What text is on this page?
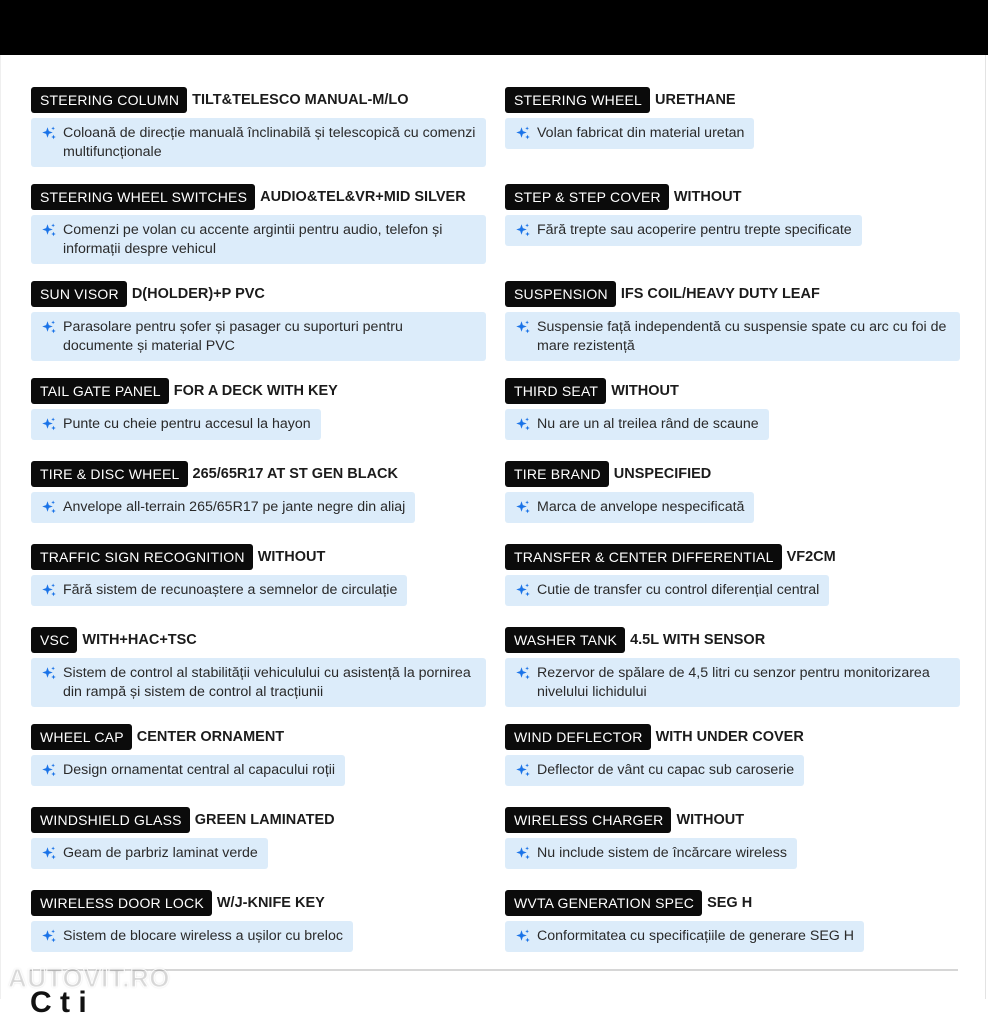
STEERING COLUMN TILT&TELESCO MANUAL-M/LO
Coloană de direcție manuală înclinabilă și telescopică cu comenzi multifuncționale
STEERING WHEEL URETHANE
Volan fabricat din material uretan
STEERING WHEEL SWITCHES AUDIO&TEL&VR+MID SILVER
Comenzi pe volan cu accente argintii pentru audio, telefon și informații despre vehicul
STEP & STEP COVER WITHOUT
Fără trepte sau acoperire pentru trepte specificate
SUN VISOR D(HOLDER)+P PVC
Parasolare pentru șofer și pasager cu suporturi pentru documente și material PVC
SUSPENSION IFS COIL/HEAVY DUTY LEAF
Suspensie față independentă cu suspensie spate cu arc cu foi de mare rezistență
TAIL GATE PANEL FOR A DECK WITH KEY
Punte cu cheie pentru accesul la hayon
THIRD SEAT WITHOUT
Nu are un al treilea rând de scaune
TIRE & DISC WHEEL 265/65R17 AT ST GEN BLACK
Anvelope all-terrain 265/65R17 pe jante negre din aliaj
TIRE BRAND UNSPECIFIED
Marca de anvelope nespecificată
TRAFFIC SIGN RECOGNITION WITHOUT
Fără sistem de recunoaștere a semnelor de circulație
TRANSFER & CENTER DIFFERENTIAL VF2CM
Cutie de transfer cu control diferențial central
VSC WITH+HAC+TSC
Sistem de control al stabilității vehiculului cu asistență la pornirea din rampă și sistem de control al tracțiunii
WASHER TANK 4.5L WITH SENSOR
Rezervor de spălare de 4,5 litri cu senzor pentru monitorizarea nivelului lichidului
WHEEL CAP CENTER ORNAMENT
Design ornamentat central al capacului roții
WIND DEFLECTOR WITH UNDER COVER
Deflector de vânt cu capac sub caroserie
WINDSHIELD GLASS GREEN LAMINATED
Geam de parbriz laminat verde
WIRELESS CHARGER WITHOUT
Nu include sistem de încărcare wireless
WIRELESS DOOR LOCK W/J-KNIFE KEY
Sistem de blocare wireless a ușilor cu breloc
WVTA GENERATION SPEC SEG H
Conformitatea cu specificațiile de generare SEG H
AUTOVIT.RO
C t i
